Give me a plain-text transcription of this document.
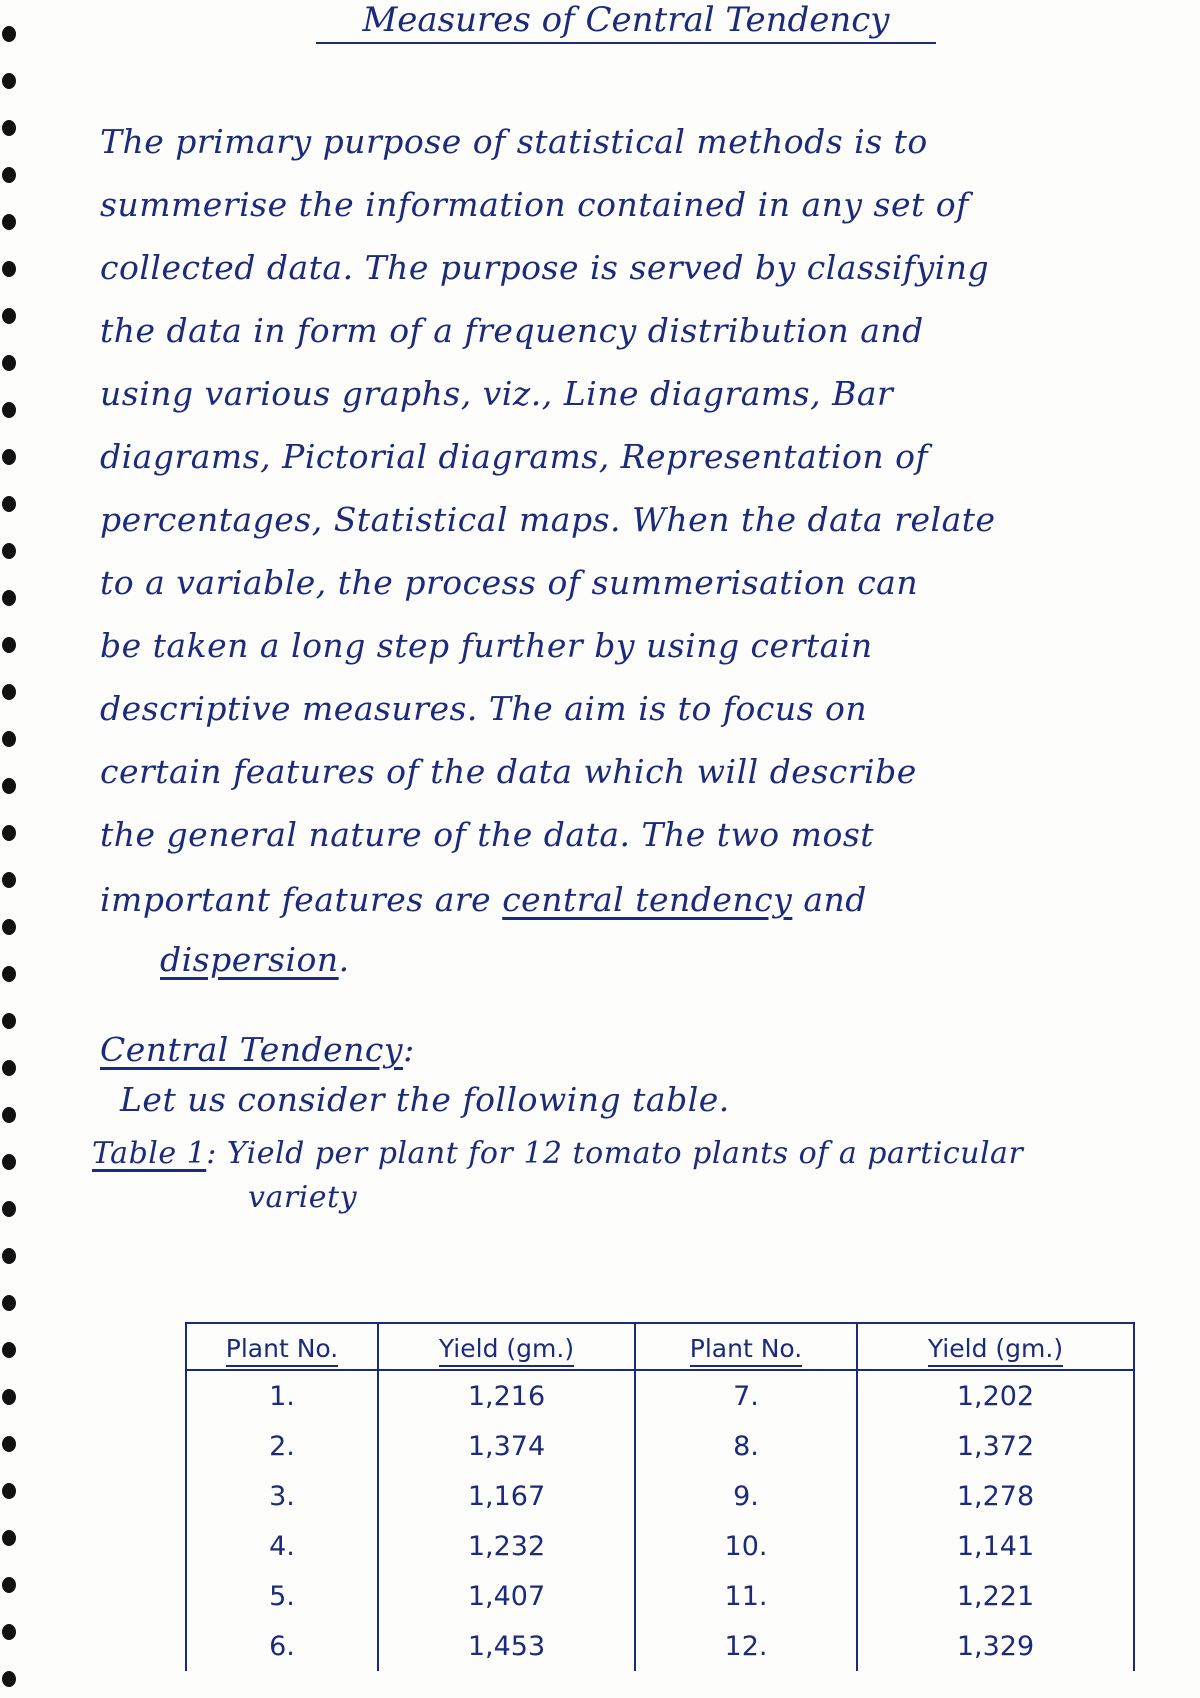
Measures of Central Tendency
The primary purpose of statistical methods is to
summerise the information contained in any set of
collected data. The purpose is served by classifying
the data in form of a frequency distribution and
using various graphs, viz., Line diagrams, Bar
diagrams, Pictorial diagrams, Representation of
percentages, Statistical maps. When the data relate
to a variable, the process of summerisation can
be taken a long step further by using certain
descriptive measures. The aim is to focus on
certain features of the data which will describe
the general nature of the data. The two most
important features are central tendency and
dispersion.
Central Tendency:
Let us consider the following table.
Table 1: Yield per plant for 12 tomato plants of a particular
variety
Plant No.	Yield (gm.)	Plant No.	Yield (gm.)
1.	1,216	7.	1,202
2.	1,374	8.	1,372
3.	1,167	9.	1,278
4.	1,232	10.	1,141
5.	1,407	11.	1,221
6.	1,453	12.	1,329
